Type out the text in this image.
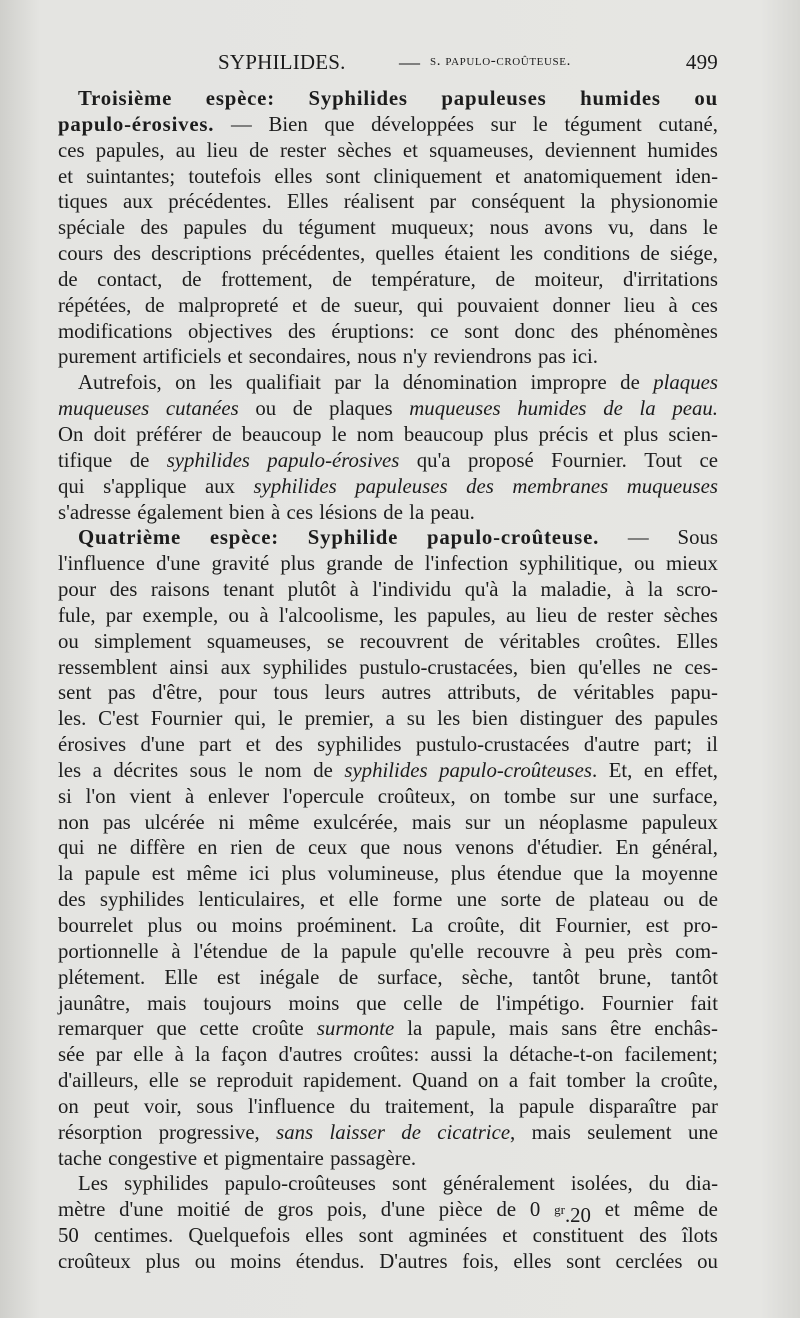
SYPHILIDES.	— s. papulo-croûteuse.	499
Troisième espèce: Syphilides papuleuses humides ou
papulo-érosives. — Bien que développées sur le tégument cutané,
ces papules, au lieu de rester sèches et squameuses, deviennent humides
et suintantes; toutefois elles sont cliniquement et anatomiquement iden-
tiques aux précédentes. Elles réalisent par conséquent la physionomie
spéciale des papules du tégument muqueux; nous avons vu, dans le
cours des descriptions précédentes, quelles étaient les conditions de siége,
de contact, de frottement, de température, de moiteur, d'irritations
répétées, de malpropreté et de sueur, qui pouvaient donner lieu à ces
modifications objectives des éruptions: ce sont donc des phénomènes
purement artificiels et secondaires, nous n'y reviendrons pas ici.
Autrefois, on les qualifiait par la dénomination impropre de plaques
muqueuses cutanées ou de plaques muqueuses humides de la peau.
On doit préférer de beaucoup le nom beaucoup plus précis et plus scien-
tifique de syphilides papulo-érosives qu'a proposé Fournier. Tout ce
qui s'applique aux syphilides papuleuses des membranes muqueuses
s'adresse également bien à ces lésions de la peau.
Quatrième espèce: Syphilide papulo-croûteuse. — Sous
l'influence d'une gravité plus grande de l'infection syphilitique, ou mieux
pour des raisons tenant plutôt à l'individu qu'à la maladie, à la scro-
fule, par exemple, ou à l'alcoolisme, les papules, au lieu de rester sèches
ou simplement squameuses, se recouvrent de véritables croûtes. Elles
ressemblent ainsi aux syphilides pustulo-crustacées, bien qu'elles ne ces-
sent pas d'être, pour tous leurs autres attributs, de véritables papu-
les. C'est Fournier qui, le premier, a su les bien distinguer des papules
érosives d'une part et des syphilides pustulo-crustacées d'autre part; il
les a décrites sous le nom de syphilides papulo-croûteuses. Et, en effet,
si l'on vient à enlever l'opercule croûteux, on tombe sur une surface,
non pas ulcérée ni même exulcérée, mais sur un néoplasme papuleux
qui ne diffère en rien de ceux que nous venons d'étudier. En général,
la papule est même ici plus volumineuse, plus étendue que la moyenne
des syphilides lenticulaires, et elle forme une sorte de plateau ou de
bourrelet plus ou moins proéminent. La croûte, dit Fournier, est pro-
portionnelle à l'étendue de la papule qu'elle recouvre à peu près com-
plétement. Elle est inégale de surface, sèche, tantôt brune, tantôt
jaunâtre, mais toujours moins que celle de l'impétigo. Fournier fait
remarquer que cette croûte surmonte la papule, mais sans être enchâs-
sée par elle à la façon d'autres croûtes: aussi la détache-t-on facilement;
d'ailleurs, elle se reproduit rapidement. Quand on a fait tomber la croûte,
on peut voir, sous l'influence du traitement, la papule disparaître par
résorption progressive, sans laisser de cicatrice, mais seulement une
tache congestive et pigmentaire passagère.
Les syphilides papulo-croûteuses sont généralement isolées, du dia-
mètre d'une moitié de gros pois, d'une pièce de 0 gr.20 et même de
50 centimes. Quelquefois elles sont agminées et constituent des îlots
croûteux plus ou moins étendus. D'autres fois, elles sont cerclées ou
